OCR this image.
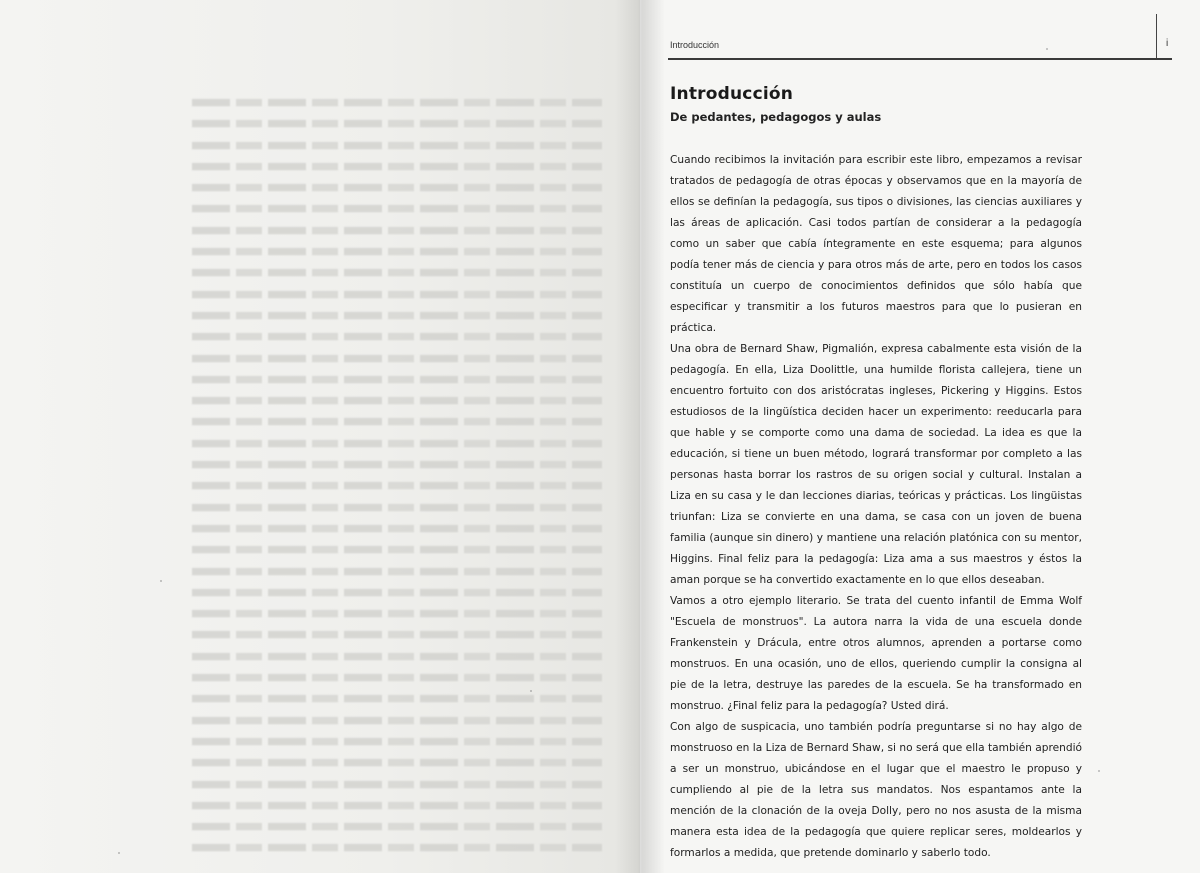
Introducción	i
Introducción
De pedantes, pedagogos y aulas

Cuando recibimos la invitación para escribir este libro, empezamos a revisar tratados de pedagogía de otras épocas y observamos que en la mayoría de ellos se definían la pedagogía, sus tipos o divisiones, las ciencias auxiliares y las áreas de aplicación. Casi todos partían de considerar a la pedagogía como un saber que cabía íntegramente en este esquema; para algunos podía tener más de ciencia y para otros más de arte, pero en todos los casos constituía un cuerpo de conocimientos definidos que sólo había que especificar y transmitir a los futuros maestros para que lo pusieran en práctica.

Una obra de Bernard Shaw, Pigmalión, expresa cabalmente esta visión de la pedagogía. En ella, Liza Doolittle, una humilde florista callejera, tiene un encuentro fortuito con dos aristócratas ingleses, Pickering y Higgins. Estos estudiosos de la lingüística deciden hacer un experimento: reeducarla para que hable y se comporte como una dama de sociedad. La idea es que la educación, si tiene un buen método, logrará transformar por completo a las personas hasta borrar los rastros de su origen social y cultural. Instalan a Liza en su casa y le dan lecciones diarias, teóricas y prácticas. Los lingüistas triunfan: Liza se convierte en una dama, se casa con un joven de buena familia (aunque sin dinero) y mantiene una relación platónica con su mentor, Higgins. Final feliz para la pedagogía: Liza ama a sus maestros y éstos la aman porque se ha convertido exactamente en lo que ellos deseaban.

Vamos a otro ejemplo literario. Se trata del cuento infantil de Emma Wolf "Escuela de monstruos". La autora narra la vida de una escuela donde Frankenstein y Drácula, entre otros alumnos, aprenden a portarse como monstruos. En una ocasión, uno de ellos, queriendo cumplir la consigna al pie de la letra, destruye las paredes de la escuela. Se ha transformado en monstruo. ¿Final feliz para la pedagogía? Usted dirá.

Con algo de suspicacia, uno también podría preguntarse si no hay algo de monstruoso en la Liza de Bernard Shaw, si no será que ella también aprendió a ser un monstruo, ubicándose en el lugar que el maestro le propuso y cumpliendo al pie de la letra sus mandatos. Nos espantamos ante la mención de la clonación de la oveja Dolly, pero no nos asusta de la misma manera esta idea de la pedagogía que quiere replicar seres, moldearlos y formarlos a medida, que pretende dominarlo y saberlo todo.
